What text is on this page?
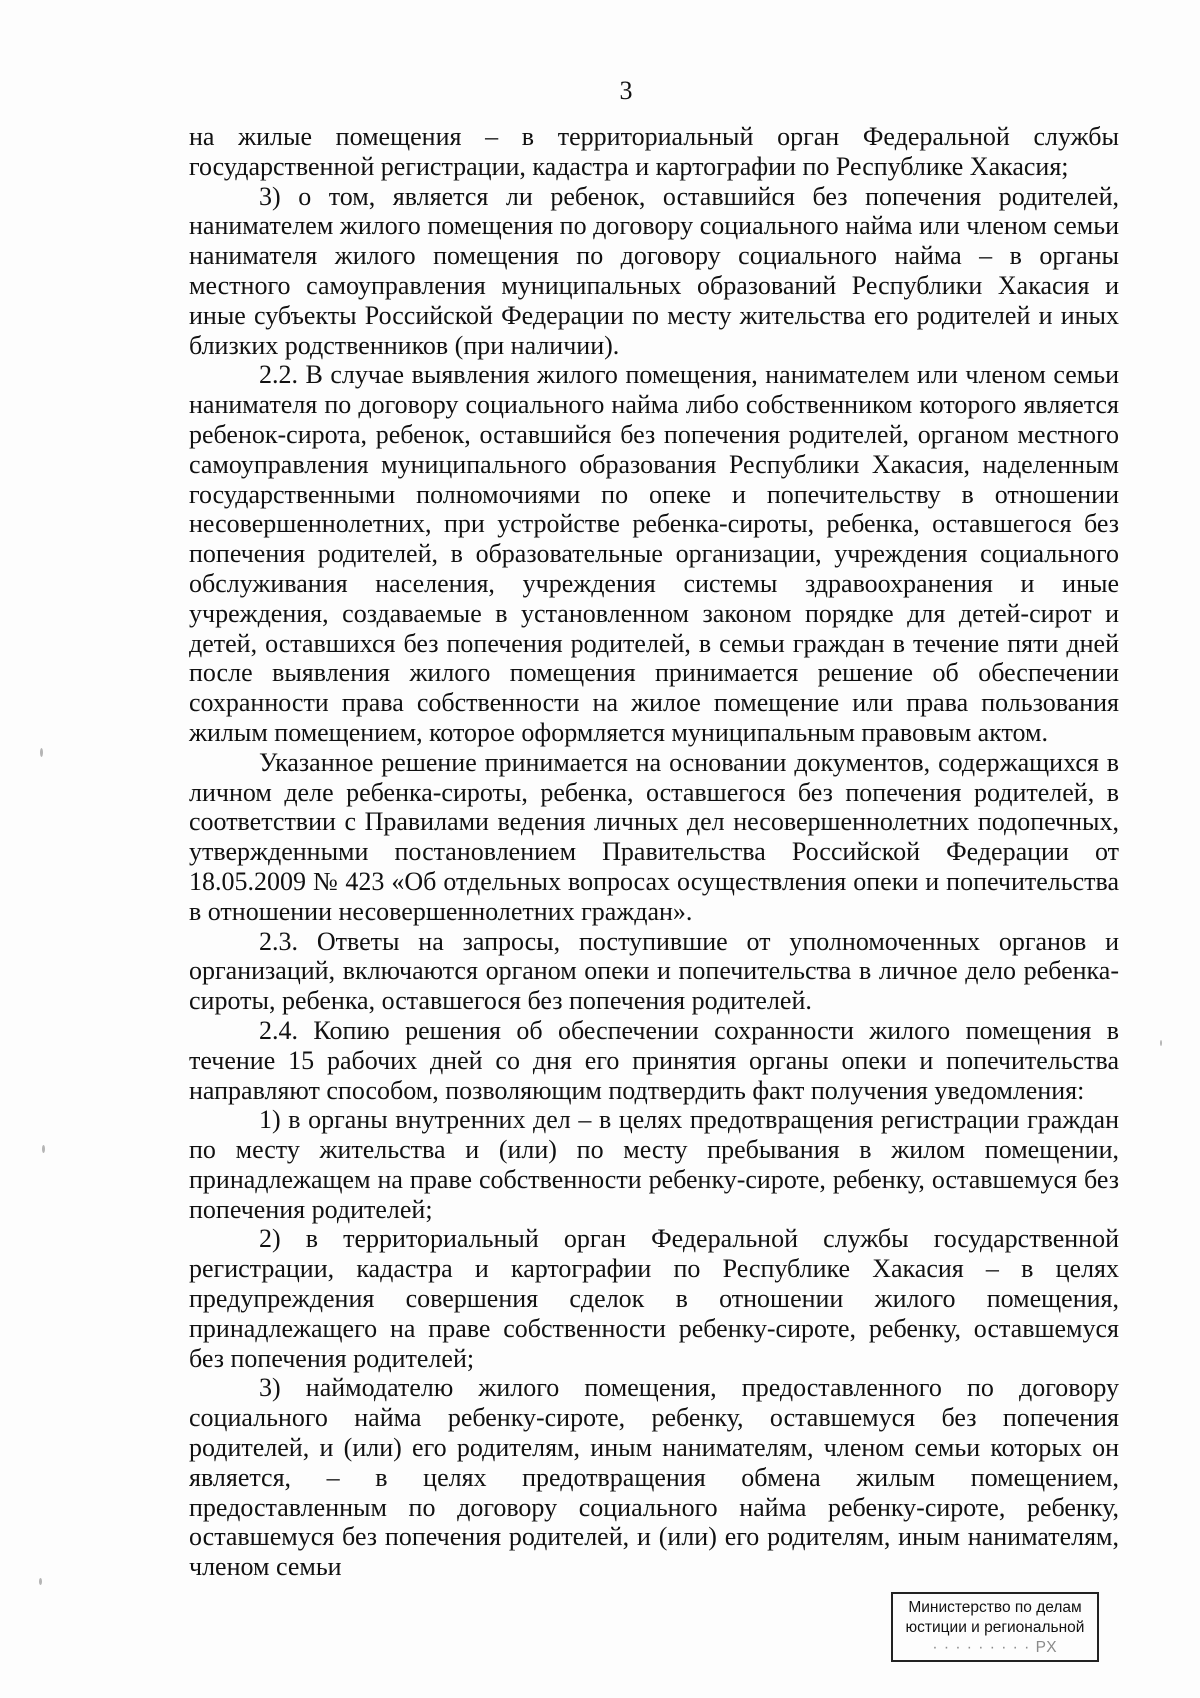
3

на жилые помещения – в территориальный орган Федеральной службы государственной регистрации, кадастра и картографии по Республике Хакасия;

3) о том, является ли ребенок, оставшийся без попечения родителей, нанимателем жилого помещения по договору социального найма или членом семьи нанимателя жилого помещения по договору социального найма – в органы местного самоуправления муниципальных образований Республики Хакасия и иные субъекты Российской Федерации по месту жительства его родителей и иных близких родственников (при наличии).

2.2. В случае выявления жилого помещения, нанимателем или членом семьи нанимателя по договору социального найма либо собственником которого является ребенок-сирота, ребенок, оставшийся без попечения родителей, органом местного самоуправления муниципального образования Республики Хакасия, наделенным государственными полномочиями по опеке и попечительству в отношении несовершеннолетних, при устройстве ребенка-сироты, ребенка, оставшегося без попечения родителей, в образовательные организации, учреждения социального обслуживания населения, учреждения системы здравоохранения и иные учреждения, создаваемые в установленном законом порядке для детей-сирот и детей, оставшихся без попечения родителей, в семьи граждан в течение пяти дней после выявления жилого помещения принимается решение об обеспечении сохранности права собственности на жилое помещение или права пользования жилым помещением, которое оформляется муниципальным правовым актом.

Указанное решение принимается на основании документов, содержащихся в личном деле ребенка-сироты, ребенка, оставшегося без попечения родителей, в соответствии с Правилами ведения личных дел несовершеннолетних подопечных, утвержденными постановлением Правительства Российской Федерации от 18.05.2009 № 423 «Об отдельных вопросах осуществления опеки и попечительства в отношении несовершеннолетних граждан».

2.3. Ответы на запросы, поступившие от уполномоченных органов и организаций, включаются органом опеки и попечительства в личное дело ребенка-сироты, ребенка, оставшегося без попечения родителей.

2.4. Копию решения об обеспечении сохранности жилого помещения в течение 15 рабочих дней со дня его принятия органы опеки и попечительства направляют способом, позволяющим подтвердить факт получения уведомления:

1) в органы внутренних дел – в целях предотвращения регистрации граждан по месту жительства и (или) по месту пребывания в жилом помещении, принадлежащем на праве собственности ребенку-сироте, ребенку, оставшемуся без попечения родителей;

2) в территориальный орган Федеральной службы государственной регистрации, кадастра и картографии по Республике Хакасия – в целях предупреждения совершения сделок в отношении жилого помещения, принадлежащего на праве собственности ребенку-сироте, ребенку, оставшемуся без попечения родителей;

3) наймодателю жилого помещения, предоставленного по договору социального найма ребенку-сироте, ребенку, оставшемуся без попечения родителей, и (или) его родителям, иным нанимателям, членом семьи которых он является, – в целях предотвращения обмена жилым помещением, предоставленным по договору социального найма ребенку-сироте, ребенку, оставшемуся без попечения родителей, и (или) его родителям, иным нанимателям, членом семьи

Министерство по делам
юстиции и региональной
· · · · · · · · · РХ
